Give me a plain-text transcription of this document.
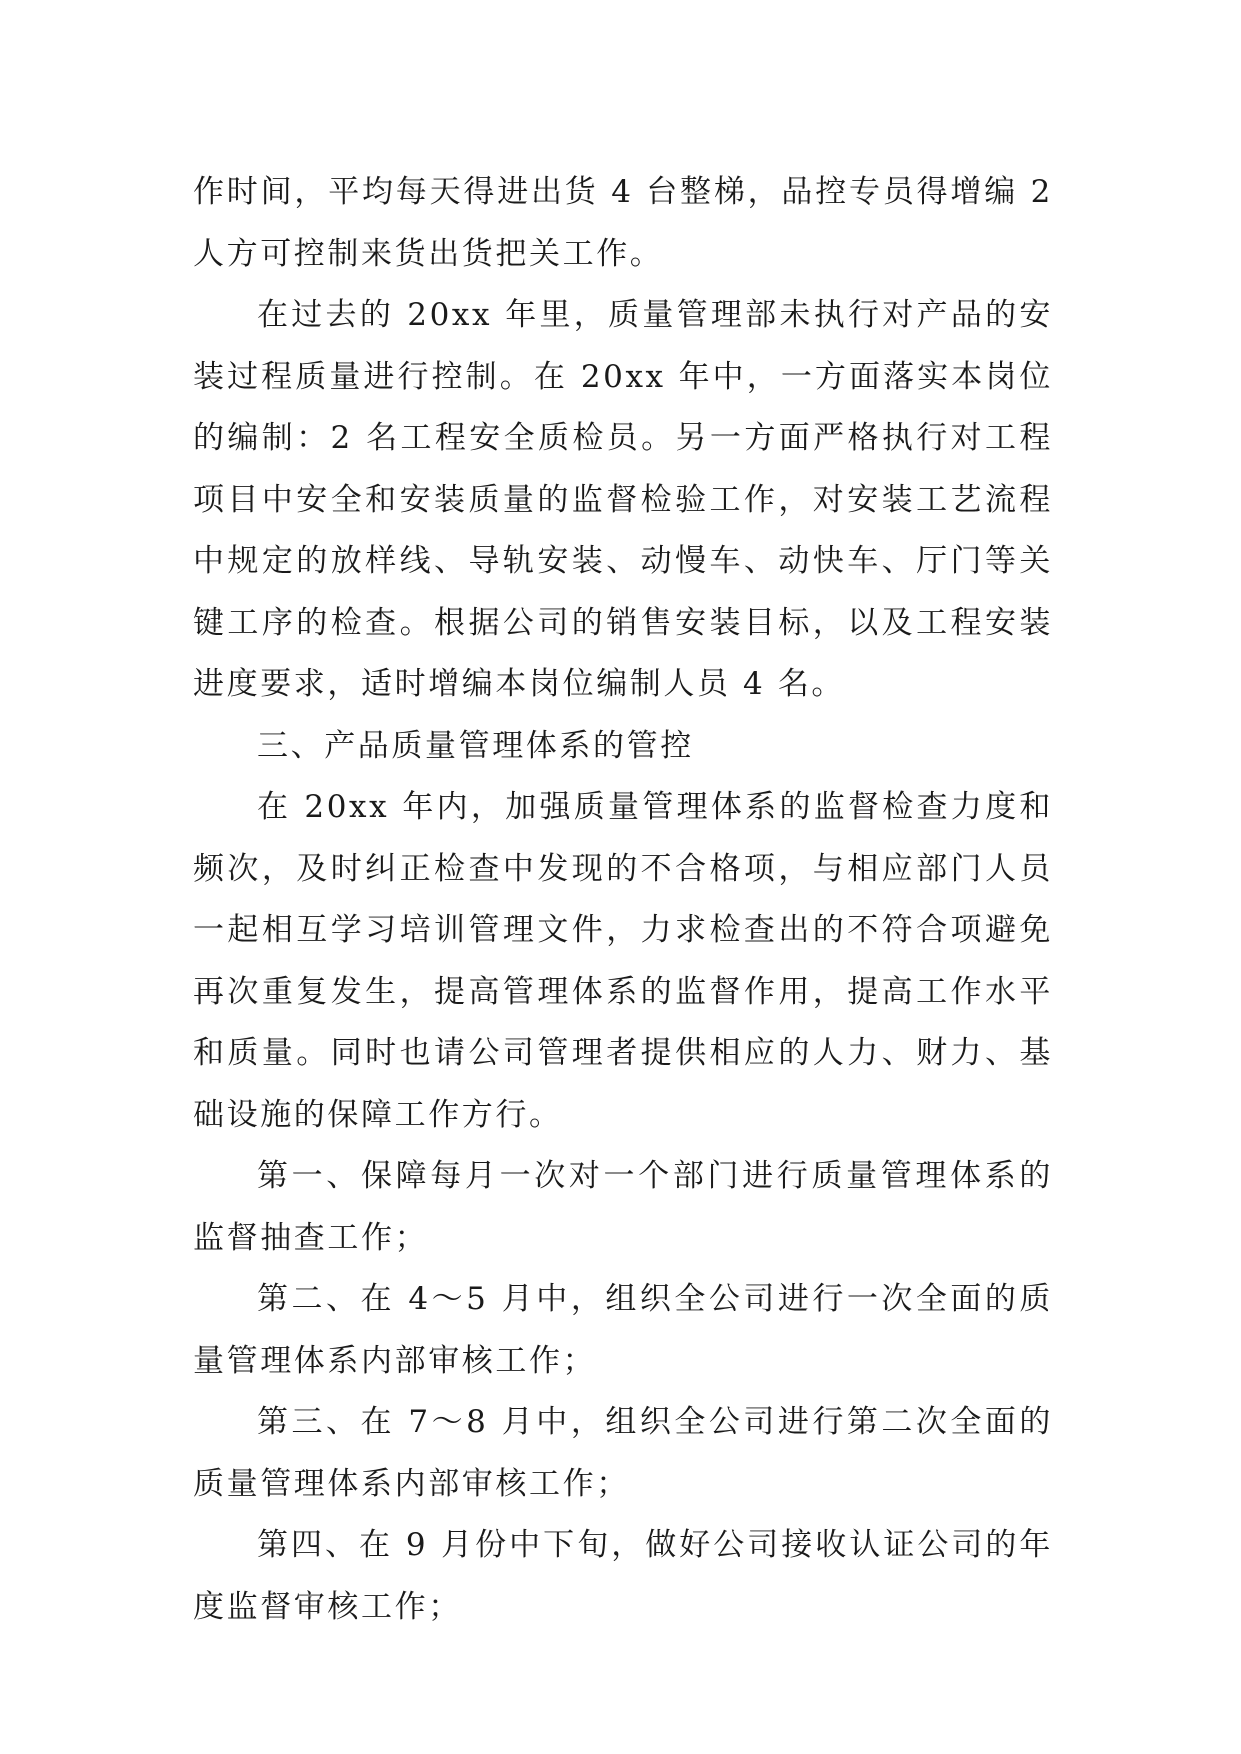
作时间，平均每天得进出货 4 台整梯，品控专员得增编 2 人方可控制来货出货把关工作。

在过去的 20xx 年里，质量管理部未执行对产品的安装过程质量进行控制。在 20xx 年中，一方面落实本岗位的编制：2 名工程安全质检员。另一方面严格执行对工程项目中安全和安装质量的监督检验工作，对安装工艺流程中规定的放样线、导轨安装、动慢车、动快车、厅门等关键工序的检查。根据公司的销售安装目标，以及工程安装进度要求，适时增编本岗位编制人员 4 名。

三、产品质量管理体系的管控

在 20xx 年内，加强质量管理体系的监督检查力度和频次，及时纠正检查中发现的不合格项，与相应部门人员一起相互学习培训管理文件，力求检查出的不符合项避免再次重复发生，提高管理体系的监督作用，提高工作水平和质量。同时也请公司管理者提供相应的人力、财力、基础设施的保障工作方行。

第一、保障每月一次对一个部门进行质量管理体系的监督抽查工作；

第二、在 4～5 月中，组织全公司进行一次全面的质量管理体系内部审核工作；

第三、在 7～8 月中，组织全公司进行第二次全面的质量管理体系内部审核工作；

第四、在 9 月份中下旬，做好公司接收认证公司的年度监督审核工作；
